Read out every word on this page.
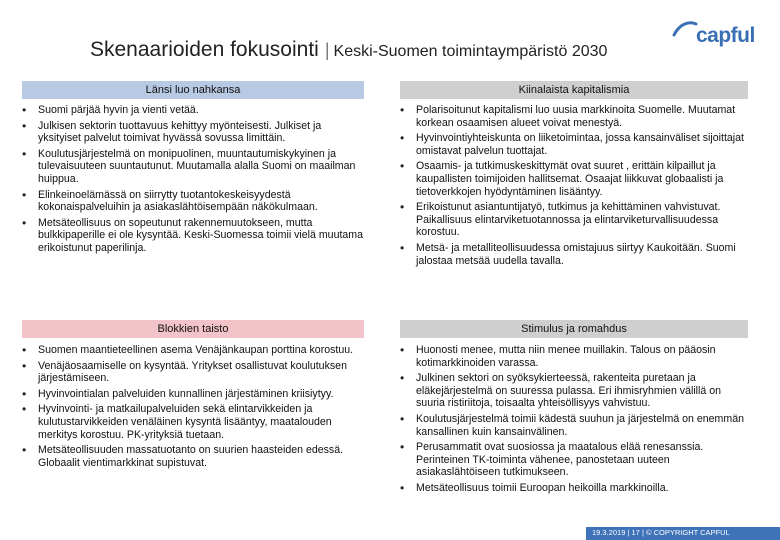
Skenaarioiden fokusointi | Keski-Suomen toimintaympäristö 2030
capful
Länsi luo nahkansa
• Suomi pärjää hyvin ja vienti vetää.
• Julkisen sektorin tuottavuus kehittyy myönteisesti. Julkiset ja yksityiset palvelut toimivat hyvässä sovussa limittäin.
• Koulutusjärjestelmä on monipuolinen, muuntautumiskykyinen ja tulevaisuuteen suuntautunut. Muutamalla alalla Suomi on maailman huippua.
• Elinkeinoelämässä on siirrytty tuotantokeskeisyydestä kokonaispalveluihin ja asiakaslähtöisempään näkökulmaan.
• Metsäteollisuus on sopeutunut rakennemuutokseen, mutta bulkkipaperille ei ole kysyntää. Keski-Suomessa toimii vielä muutama erikoistunut paperilinja.
Kiinalaista kapitalismia
• Polarisoitunut kapitalismi luo uusia markkinoita Suomelle. Muutamat korkean osaamisen alueet voivat menestyä.
• Hyvinvointiyhteiskunta on liiketoimintaa, jossa kansainväliset sijoittajat omistavat palvelun tuottajat.
• Osaamis- ja tutkimuskeskittymät ovat suuret , erittäin kilpaillut ja kaupallisten toimijoiden hallitsemat. Osaajat liikkuvat globaalisti ja tietoverkkojen hyödyntäminen lisääntyy.
• Erikoistunut asiantuntijatyö, tutkimus ja kehittäminen vahvistuvat. Paikallisuus elintarviketuotannossa ja elintarviketurvallisuudessa korostuu.
• Metsä- ja metalliteollisuudessa omistajuus siirtyy Kaukoitään. Suomi jalostaa metsää uudella tavalla.
Blokkien taisto
• Suomen maantieteellinen asema Venäjänkaupan porttina korostuu.
• Venäjäosaamiselle on kysyntää. Yritykset osallistuvat koulutuksen järjestämiseen.
• Hyvinvointialan palveluiden kunnallinen järjestäminen kriisiytyy.
• Hyvinvointi- ja matkailupalveluiden sekä elintarvikkeiden ja kulutustarvikkeiden venäläinen kysyntä lisääntyy, maatalouden merkitys korostuu. PK-yrityksiä tuetaan.
• Metsäteollisuuden massatuotanto on suurien haasteiden edessä. Globaalit vientimarkkinat supistuvat.
Stimulus ja romahdus
• Huonosti menee, mutta niin menee muillakin. Talous on pääosin kotimarkkinoiden varassa.
• Julkinen sektori on syöksykierteessä, rakenteita puretaan ja eläkejärjestelmä on suuressa pulassa. Eri ihmisryhmien välillä on suuria ristiriitoja, toisaalta yhteisöllisyys vahvistuu.
• Koulutusjärjestelmä toimii kädestä suuhun ja järjestelmä on enemmän kansallinen kuin kansainvälinen.
• Perusammatit ovat suosiossa ja maatalous elää renesanssia. Perinteinen TK-toiminta vähenee, panostetaan uuteen asiakaslähtöiseen tutkimukseen.
• Metsäteollisuus toimii Euroopan heikoilla markkinoilla.
19.3.2019 | 17 | © COPYRIGHT CAPFUL
